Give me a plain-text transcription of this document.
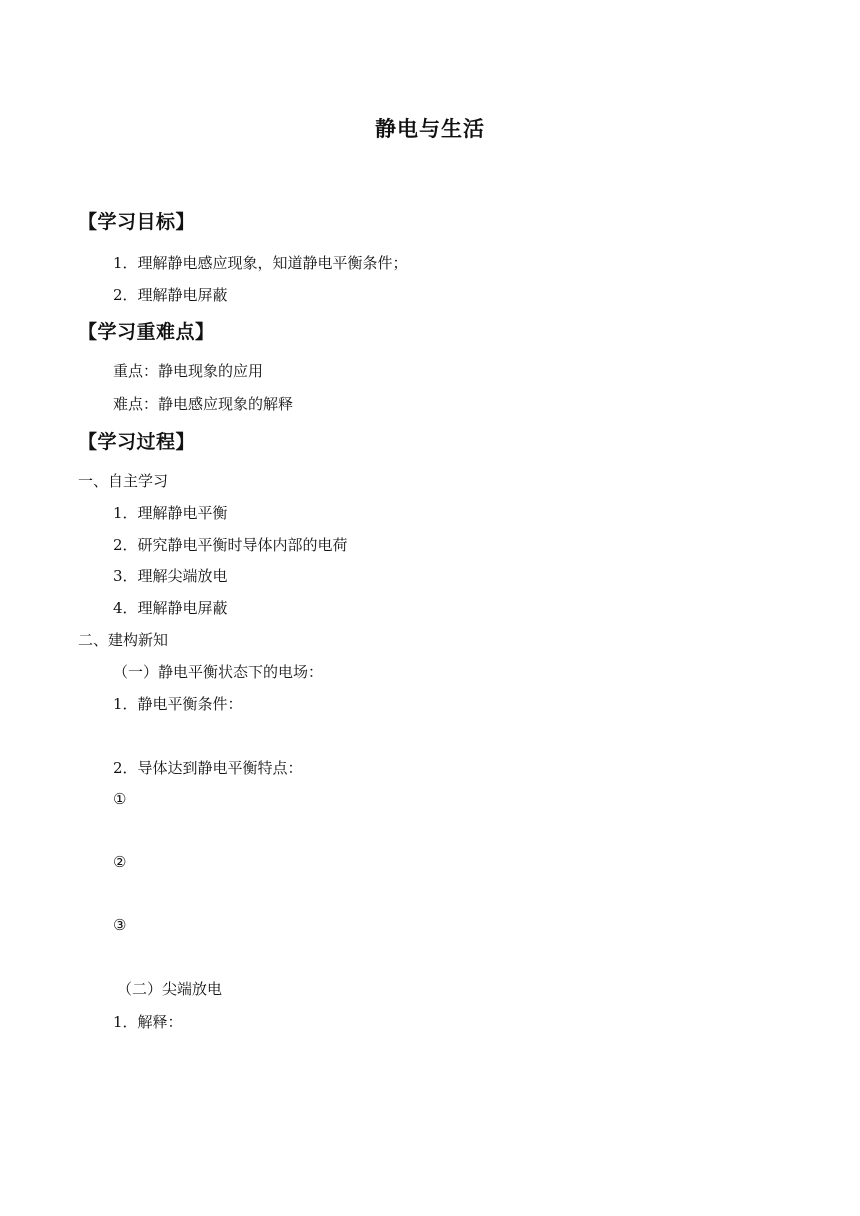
静电与生活
【学习目标】
1．理解静电感应现象，知道静电平衡条件；
2．理解静电屏蔽
【学习重难点】
重点：静电现象的应用
难点：静电感应现象的解释
【学习过程】
一、自主学习
1．理解静电平衡
2．研究静电平衡时导体内部的电荷
3．理解尖端放电
4．理解静电屏蔽
二、建构新知
（一）静电平衡状态下的电场：
1．静电平衡条件：
2．导体达到静电平衡特点：
①
②
③
（二）尖端放电
1．解释：
